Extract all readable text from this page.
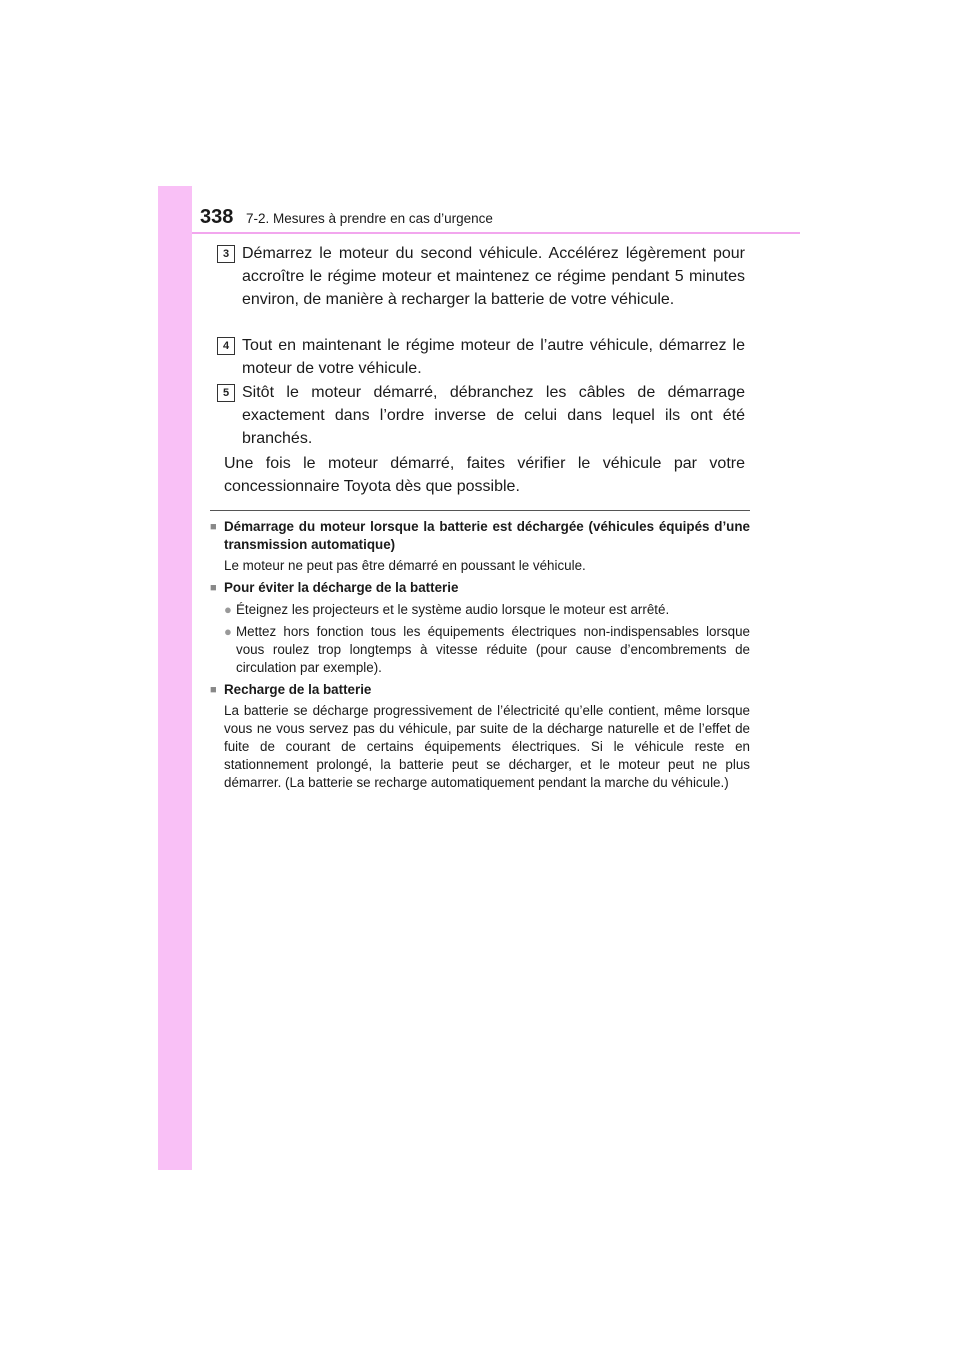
338 7-2. Mesures à prendre en cas d’urgence
3 Démarrez le moteur du second véhicule. Accélérez légèrement pour accroître le régime moteur et maintenez ce régime pendant 5 minutes environ, de manière à recharger la batterie de votre véhicule.
4 Tout en maintenant le régime moteur de l’autre véhicule, démarrez le moteur de votre véhicule.
5 Sitôt le moteur démarré, débranchez les câbles de démarrage exactement dans l’ordre inverse de celui dans lequel ils ont été branchés.
Une fois le moteur démarré, faites vérifier le véhicule par votre concessionnaire Toyota dès que possible.
■ Démarrage du moteur lorsque la batterie est déchargée (véhicules équipés d’une transmission automatique)
Le moteur ne peut pas être démarré en poussant le véhicule.
■ Pour éviter la décharge de la batterie
● Éteignez les projecteurs et le système audio lorsque le moteur est arrêté.
● Mettez hors fonction tous les équipements électriques non-indispensables lorsque vous roulez trop longtemps à vitesse réduite (pour cause d’encombrements de circulation par exemple).
■ Recharge de la batterie
La batterie se décharge progressivement de l’électricité qu’elle contient, même lorsque vous ne vous servez pas du véhicule, par suite de la décharge naturelle et de l’effet de fuite de courant de certains équipements électriques. Si le véhicule reste en stationnement prolongé, la batterie peut se décharger, et le moteur peut ne plus démarrer. (La batterie se recharge automatiquement pendant la marche du véhicule.)
